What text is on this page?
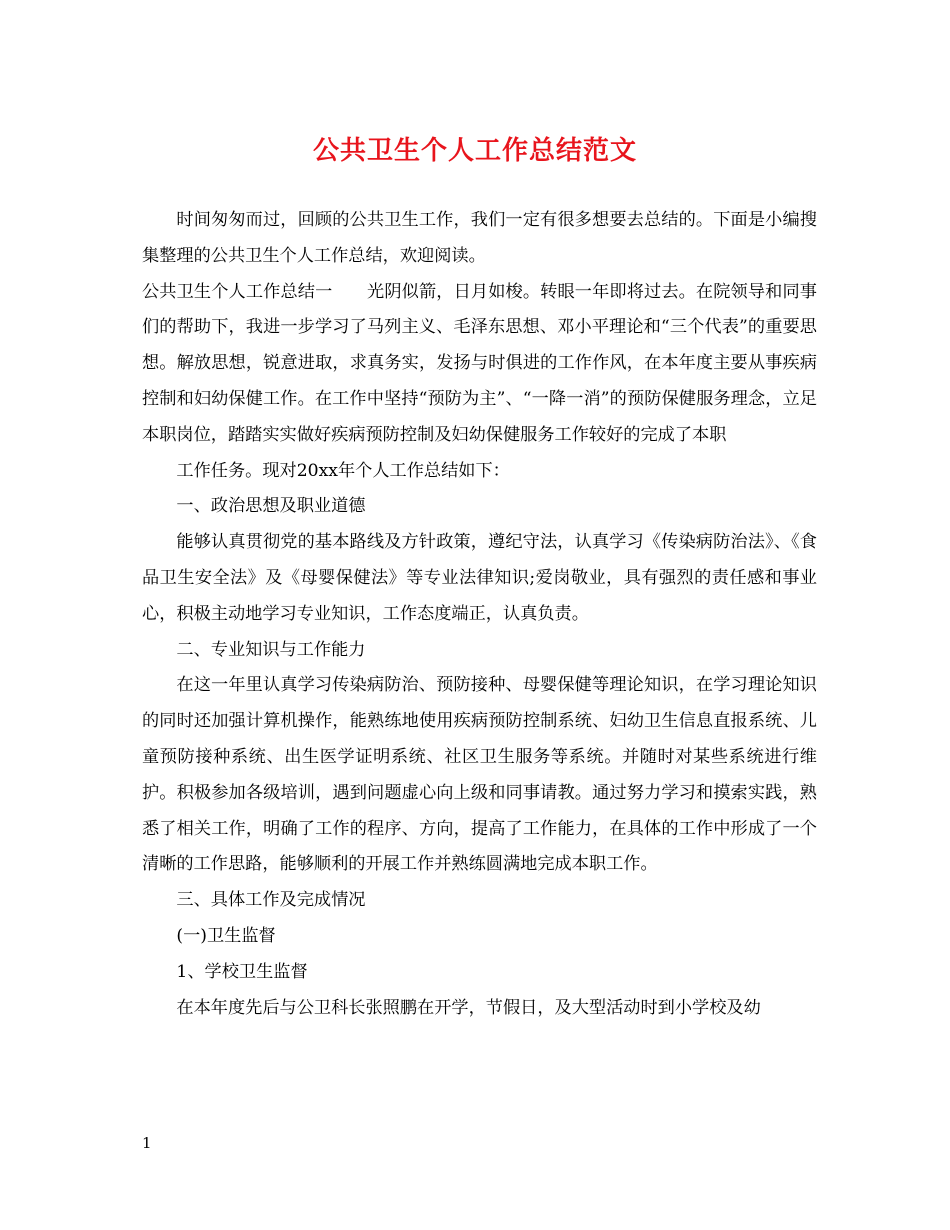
公共卫生个人工作总结范文

时间匆匆而过，回顾的公共卫生工作，我们一定有很多想要去总结的。下面是小编搜集整理的公共卫生个人工作总结，欢迎阅读。

公共卫生个人工作总结一　　光阴似箭，日月如梭。转眼一年即将过去。在院领导和同事们的帮助下，我进一步学习了马列主义、毛泽东思想、邓小平理论和“三个代表”的重要思想。解放思想，锐意进取，求真务实，发扬与时俱进的工作作风，在本年度主要从事疾病控制和妇幼保健工作。在工作中坚持“预防为主”、“一降一消”的预防保健服务理念，立足本职岗位，踏踏实实做好疾病预防控制及妇幼保健服务工作较好的完成了本职

工作任务。现对20xx年个人工作总结如下：

一、政治思想及职业道德

能够认真贯彻党的基本路线及方针政策，遵纪守法，认真学习《传染病防治法》、《食品卫生安全法》及《母婴保健法》等专业法律知识;爱岗敬业，具有强烈的责任感和事业心，积极主动地学习专业知识，工作态度端正，认真负责。

二、专业知识与工作能力

在这一年里认真学习传染病防治、预防接种、母婴保健等理论知识，在学习理论知识的同时还加强计算机操作，能熟练地使用疾病预防控制系统、妇幼卫生信息直报系统、儿童预防接种系统、出生医学证明系统、社区卫生服务等系统。并随时对某些系统进行维护。积极参加各级培训，遇到问题虚心向上级和同事请教。通过努力学习和摸索实践，熟悉了相关工作，明确了工作的程序、方向，提高了工作能力，在具体的工作中形成了一个清晰的工作思路，能够顺利的开展工作并熟练圆满地完成本职工作。

三、具体工作及完成情况

(一)卫生监督

1、学校卫生监督

在本年度先后与公卫科长张照鹏在开学，节假日，及大型活动时到小学校及幼

1
